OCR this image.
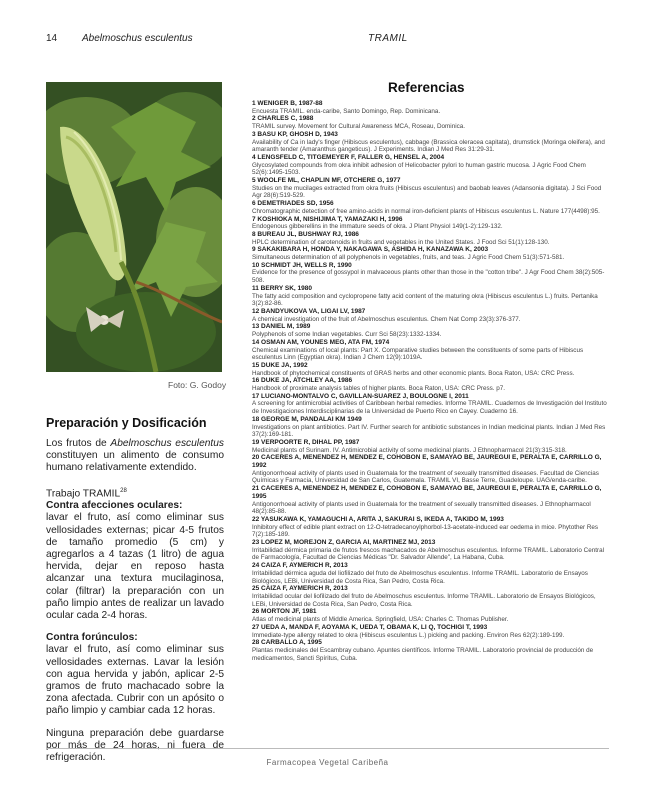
14 Abelmoschus esculentus	TRAMIL
Foto: G. Godoy
Preparación y Dosificación

Los frutos de Abelmoschus esculentus constituyen un alimento de consumo humano relativamente extendido.

Trabajo TRAMIL$^{28}$
Contra afecciones oculares:
lavar el fruto, así como eliminar sus vellosidades externas; picar 4-5 frutos de tamaño promedio (5 cm) y agregarlos a 4 tazas (1 litro) de agua hervida, dejar en reposo hasta alcanzar una textura mucilaginosa, colar (filtrar) la preparación con un paño limpio antes de realizar un lavado ocular cada 2-4 horas.

Contra forúnculos:
lavar el fruto, así como eliminar sus vellosidades externas. Lavar la lesión con agua hervida y jabón, aplicar 2-5 gramos de fruto machacado sobre la zona afectada. Cubrir con un apósito o paño limpio y cambiar cada 12 horas.

Ninguna preparación debe guardarse por más de 24 horas, ni fuera de refrigeración.

Referencias
1 WENIGER B, 1987-88
Encuesta TRAMIL. enda-caribe, Santo Domingo, Rep. Dominicana.
2 CHARLES C, 1988
TRAMIL survey. Movement for Cultural Awareness MCA, Roseau, Dominica.
3 BASU KP, GHOSH D, 1943
Availability of Ca in lady's finger (Hibiscus esculentus), cabbage (Brassica oleracea capitata), drumstick (Moringa oleifera), and amaranth tender (Amaranthus gangeticus). J Experiments. Indian J Med Res 31:29-31.
4 LENGSFELD C, TITGEMEYER F, FALLER G, HENSEL A, 2004
Glycosylated compounds from okra inhibit adhesion of Helicobacter pylori to human gastric mucosa. J Agric Food Chem 52(6):1495-1503.
5 WOOLFE ML, CHAPLIN MF, OTCHERE G, 1977
Studies on the mucilages extracted from okra fruits (Hibiscus esculentus) and baobab leaves (Adansonia digitata). J Sci Food Agr 28(6):519-529.
6 DEMETRIADES SD, 1956
Chromatographic detection of free amino-acids in normal iron-deficient plants of Hibiscus esculentus L. Nature 177(4498):95.
7 KOSHIOKA M, NISHIJIMA T, YAMAZAKI H, 1996
Endogenous gibberellins in the immature seeds of okra. J Plant Physiol 149(1-2):129-132.
8 BUREAU JL, BUSHWAY RJ, 1986
HPLC determination of carotenoids in fruits and vegetables in the United States. J Food Sci 51(1):128-130.
9 SAKAKIBARA H, HONDA Y, NAKAGAWA S, ASHIDA H, KANAZAWA K, 2003
Simultaneous determination of all polyphenols in vegetables, fruits, and teas. J Agric Food Chem 51(3):571-581.
10 SCHMIDT JH, WELLS R, 1990
Evidence for the presence of gossypol in malvaceous plants other than those in the "cotton tribe". J Agr Food Chem 38(2):505-508.
11 BERRY SK, 1980
The fatty acid composition and cyclopropene fatty acid content of the maturing okra (Hibiscus esculentus L.) fruits. Pertanika 3(2):82-86.
12 BANDYUKOVA VA, LIGAI LV, 1987
A chemical investigation of the fruit of Abelmoschus esculentus. Chem Nat Comp 23(3):376-377.
13 DANIEL M, 1989
Polyphenols of some Indian vegetables. Curr Sci 58(23):1332-1334.
14 OSMAN AM, YOUNES MEG, ATA FM, 1974
Chemical examinations of local plants: Part X. Comparative studies between the constituents of some parts of Hibiscus esculentus Linn (Egyptian okra). Indian J Chem 12(9):1019A.
15 DUKE JA, 1992
Handbook of phytochemical constituents of GRAS herbs and other economic plants. Boca Raton, USA: CRC Press.
16 DUKE JA, ATCHLEY AA, 1986
Handbook of proximate analysis tables of higher plants. Boca Raton, USA: CRC Press. p7.
17 LUCIANO-MONTALVO C, GAVILLAN-SUAREZ J, BOULOGNE I, 2011
A screening for antimicrobial activities of Caribbean herbal remedies. Informe TRAMIL. Cuadernos de Investigación del Instituto de Investigaciones Interdisciplinarias de la Universidad de Puerto Rico en Cayey. Cuaderno 16.
18 GEORGE M, PANDALAI KM 1949
Investigations on plant antibiotics. Part IV. Further search for antibiotic substances in Indian medicinal plants. Indian J Med Res 37(2):169-181.
19 VERPOORTE R, DIHAL PP, 1987
Medicinal plants of Surinam. IV. Antimicrobial activity of some medicinal plants. J Ethnopharmacol 21(3):315-318.
20 CACERES A, MENENDEZ H, MENDEZ E, COHOBON E, SAMAYAO BE, JAUREGUI E, PERALTA E, CARRILLO G, 1992
Antigonorrhoeal activity of plants used in Guatemala for the treatment of sexually transmitted diseases. Facultad de Ciencias Químicas y Farmacia, Universidad de San Carlos, Guatemala. TRAMIL VI, Basse Terre, Guadeloupe. UAG/enda-caribe.
21 CACERES A, MENENDEZ H, MENDEZ E, COHOBON E, SAMAYAO BE, JAUREGUI E, PERALTA E, CARRILLO G, 1995
Antigonorrhoeal activity of plants used in Guatemala for the treatment of sexually transmitted diseases. J Ethnopharmacol 48(2):85-88.
22 YASUKAWA K, YAMAGUCHI A, ARITA J, SAKURAI S, IKEDA A, TAKIDO M, 1993
Inhibitory effect of edible plant extract on 12-O-tetradecanoylphorbol-13-acetate-induced ear oedema in mice. Phytother Res 7(2):185-189.
23 LOPEZ M, MOREJON Z, GARCIA AI, MARTINEZ MJ, 2013
Irritabilidad dérmica primaria de frutos frescos machacados de Abelmoschus esculentus. Informe TRAMIL. Laboratorio Central de Farmacología, Facultad de Ciencias Médicas "Dr. Salvador Allende", La Habana, Cuba.
24 CAIZA F, AYMERICH R, 2013
Irritabilidad dérmica aguda del liofilizado del fruto de Abelmoschus esculentus. Informe TRAMIL. Laboratorio de Ensayos Biológicos, LEBi, Universidad de Costa Rica, San Pedro, Costa Rica.
25 CAIZA F, AYMERICH R, 2013
Irritabilidad ocular del liofilizado del fruto de Abelmoschus esculentus. Informe TRAMIL. Laboratorio de Ensayos Biológicos, LEBi, Universidad de Costa Rica, San Pedro, Costa Rica.
26 MORTON JF, 1981
Atlas of medicinal plants of Middle America. Springfield, USA: Charles C. Thomas Publisher.
27 UEDA A, MANDA F, AOYAMA K, UEDA T, OBAMA K, LI Q, TOCHIGI T, 1993
Immediate-type allergy related to okra (Hibiscus esculentus L.) picking and packing. Environ Res 62(2):189-199.
28 CARBALLO A, 1995
Plantas medicinales del Escambray cubano. Apuntes científicos. Informe TRAMIL. Laboratorio provincial de producción de medicamentos, Sancti Spíritus, Cuba.
Farmacopea Vegetal Caribeña
